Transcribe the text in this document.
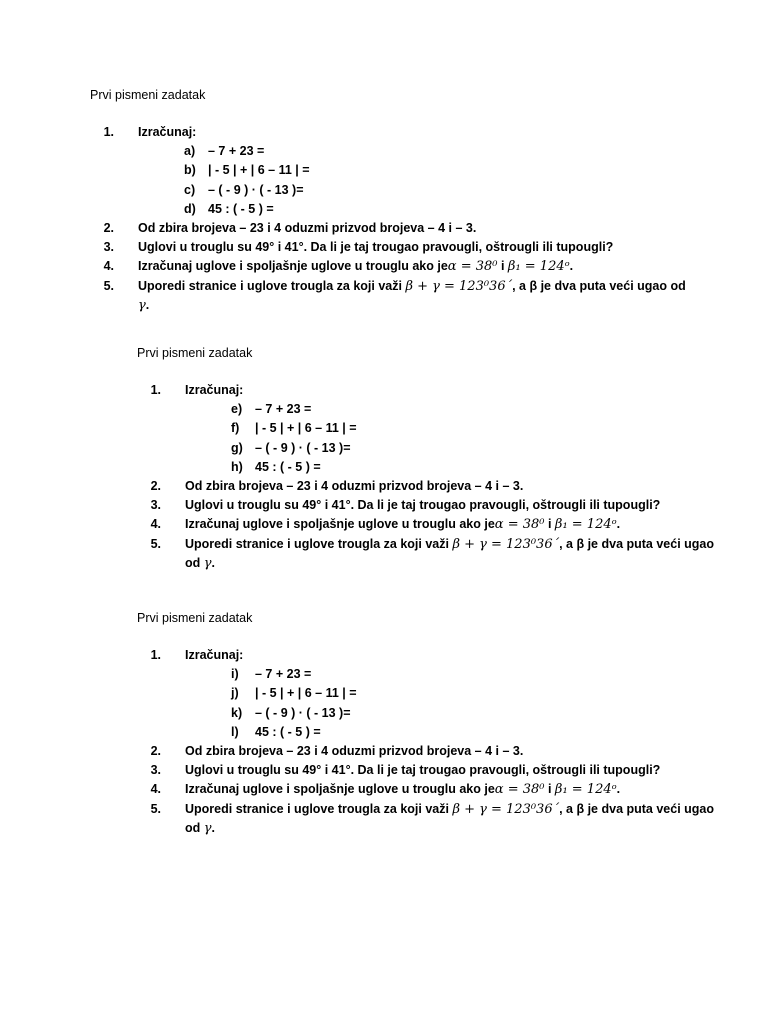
Prvi pismeni zadatak
1. Izračunaj:
a) – 7 + 23 =
b) | - 5 | + | 6 – 11 | =
c) – ( - 9 ) · ( - 13 )=
d) 45 : ( - 5 ) =
2. Od zbira brojeva – 23 i 4 oduzmi prizvod brojeva – 4 i – 3.
3. Uglovi u trouglu su 49° i 41°. Da li je taj trougao pravougli, oštrougli ili tupougli?
4. Izračunaj uglove i spoljašnje uglove u trouglu ako jeα = 38⁰ i β₁ = 124ᵒ.
5. Uporedi stranice i uglove trougla za koji važi β + γ = 123⁰36´, a β je dva puta veći ugao od
γ.
Prvi pismeni zadatak
1. Izračunaj:
e) – 7 + 23 =
f) | - 5 | + | 6 – 11 | =
g) – ( - 9 ) · ( - 13 )=
h) 45 : ( - 5 ) =
2. Od zbira brojeva – 23 i 4 oduzmi prizvod brojeva – 4 i – 3.
3. Uglovi u trouglu su 49° i 41°. Da li je taj trougao pravougli, oštrougli ili tupougli?
4. Izračunaj uglove i spoljašnje uglove u trouglu ako jeα = 38⁰ i β₁ = 124ᵒ.
5. Uporedi stranice i uglove trougla za koji važi β + γ = 123⁰36´, a β je dva puta veći ugao
od γ.
Prvi pismeni zadatak
1. Izračunaj:
i) – 7 + 23 =
j) | - 5 | + | 6 – 11 | =
k) – ( - 9 ) · ( - 13 )=
l) 45 : ( - 5 ) =
2. Od zbira brojeva – 23 i 4 oduzmi prizvod brojeva – 4 i – 3.
3. Uglovi u trouglu su 49° i 41°. Da li je taj trougao pravougli, oštrougli ili tupougli?
4. Izračunaj uglove i spoljašnje uglove u trouglu ako jeα = 38⁰ i β₁ = 124ᵒ.
5. Uporedi stranice i uglove trougla za koji važi β + γ = 123⁰36´, a β je dva puta veći ugao
od γ.
